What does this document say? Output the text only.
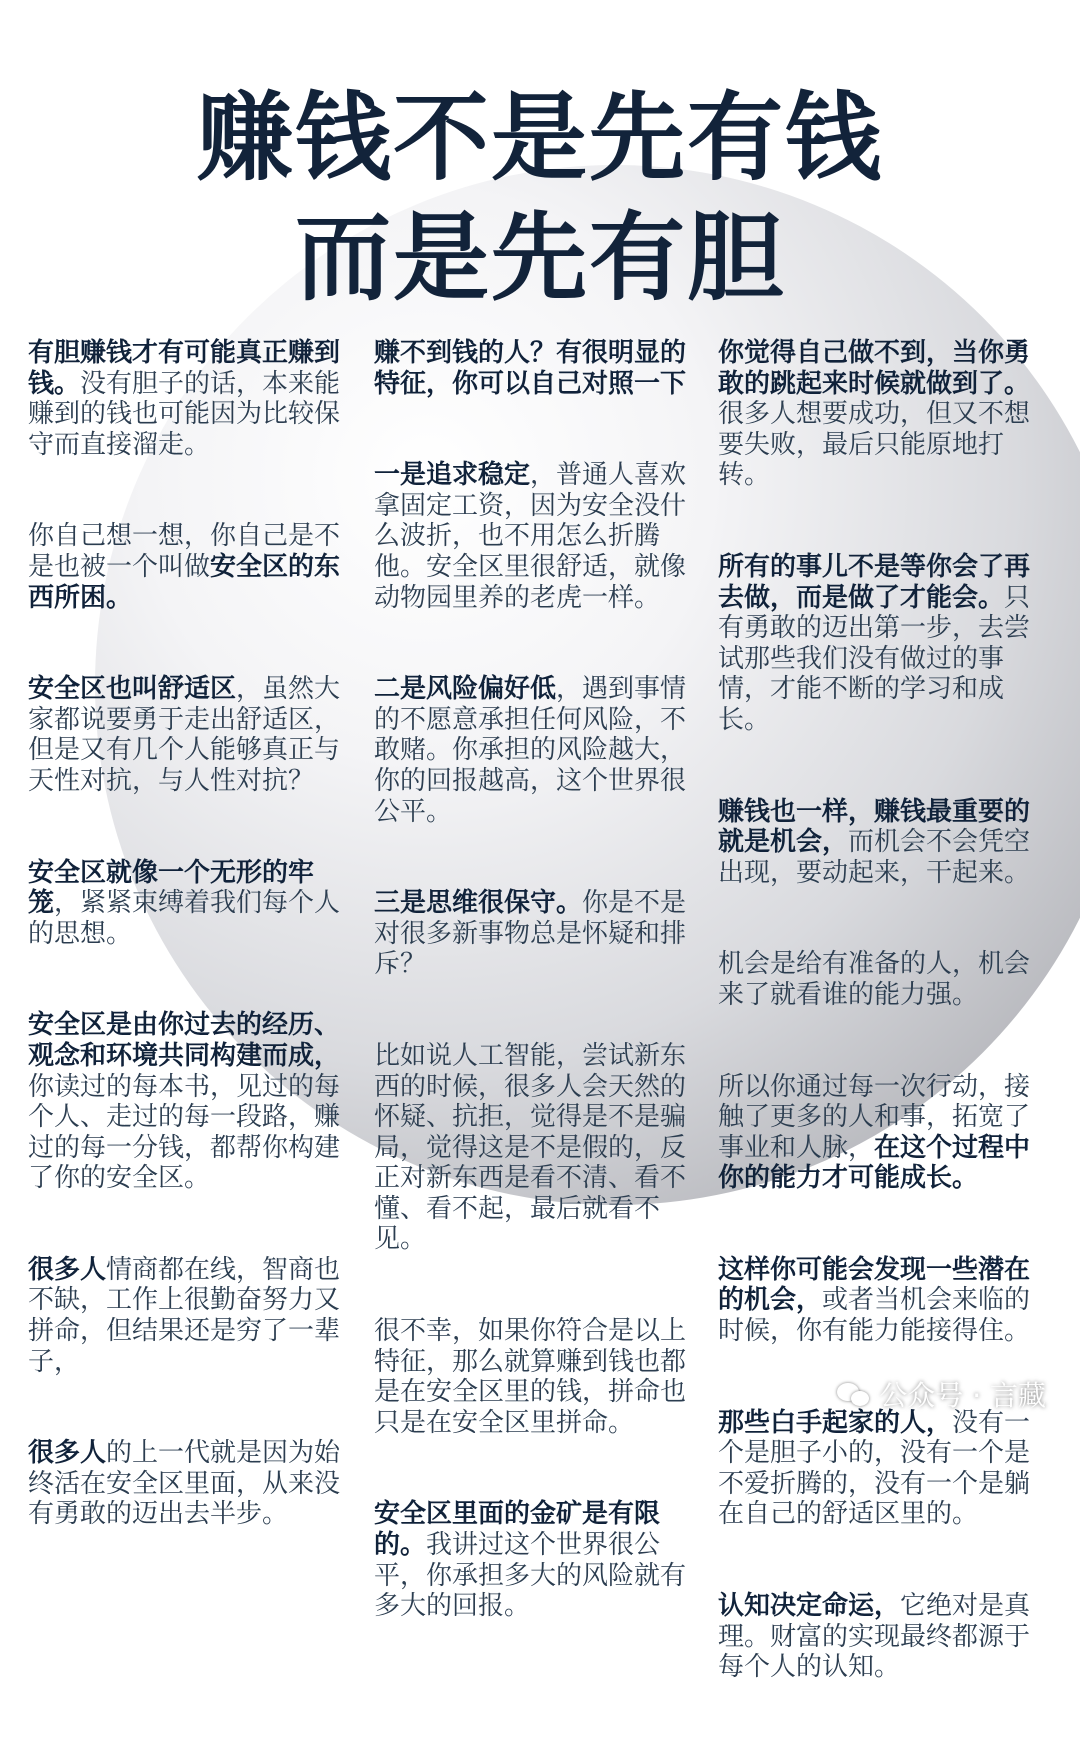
赚钱不是先有钱
而是先有胆

有胆赚钱才有可能真正赚到钱。没有胆子的话，本来能赚到的钱也可能因为比较保守而直接溜走。

你自己想一想，你自己是不是也被一个叫做安全区的东西所困。

安全区也叫舒适区，虽然大家都说要勇于走出舒适区，但是又有几个人能够真正与天性对抗，与人性对抗？

安全区就像一个无形的牢笼，紧紧束缚着我们每个人的思想。

安全区是由你过去的经历、观念和环境共同构建而成，你读过的每本书，见过的每个人、走过的每一段路，赚过的每一分钱，都帮你构建了你的安全区。

很多人情商都在线，智商也不缺，工作上很勤奋努力又拼命，但结果还是穷了一辈子，

很多人的上一代就是因为始终活在安全区里面，从来没有勇敢的迈出去半步。

赚不到钱的人？有很明显的特征，你可以自己对照一下

一是追求稳定，普通人喜欢拿固定工资，因为安全没什么波折，也不用怎么折腾他。安全区里很舒适，就像动物园里养的老虎一样。

二是风险偏好低，遇到事情的不愿意承担任何风险，不敢赌。你承担的风险越大，你的回报越高，这个世界很公平。

三是思维很保守。你是不是对很多新事物总是怀疑和排斥？

比如说人工智能，尝试新东西的时候，很多人会天然的怀疑、抗拒，觉得是不是骗局，觉得这是不是假的，反正对新东西是看不清、看不懂、看不起，最后就看不见。

很不幸，如果你符合是以上特征，那么就算赚到钱也都是在安全区里的钱，拼命也只是在安全区里拼命。

安全区里面的金矿是有限的。我讲过这个世界很公平，你承担多大的风险就有多大的回报。

你觉得自己做不到，当你勇敢的跳起来时候就做到了。很多人想要成功，但又不想要失败，最后只能原地打转。

所有的事儿不是等你会了再去做，而是做了才能会。只有勇敢的迈出第一步，去尝试那些我们没有做过的事情，才能不断的学习和成长。

赚钱也一样，赚钱最重要的就是机会，而机会不会凭空出现，要动起来，干起来。

机会是给有准备的人，机会来了就看谁的能力强。

所以你通过每一次行动，接触了更多的人和事，拓宽了事业和人脉，在这个过程中你的能力才可能成长。

这样你可能会发现一些潜在的机会，或者当机会来临的时候，你有能力能接得住。

那些白手起家的人，没有一个是胆子小的，没有一个是不爱折腾的，没有一个是躺在自己的舒适区里的。

认知决定命运，它绝对是真理。财富的实现最终都源于每个人的认知。

公众号 · 言藏
